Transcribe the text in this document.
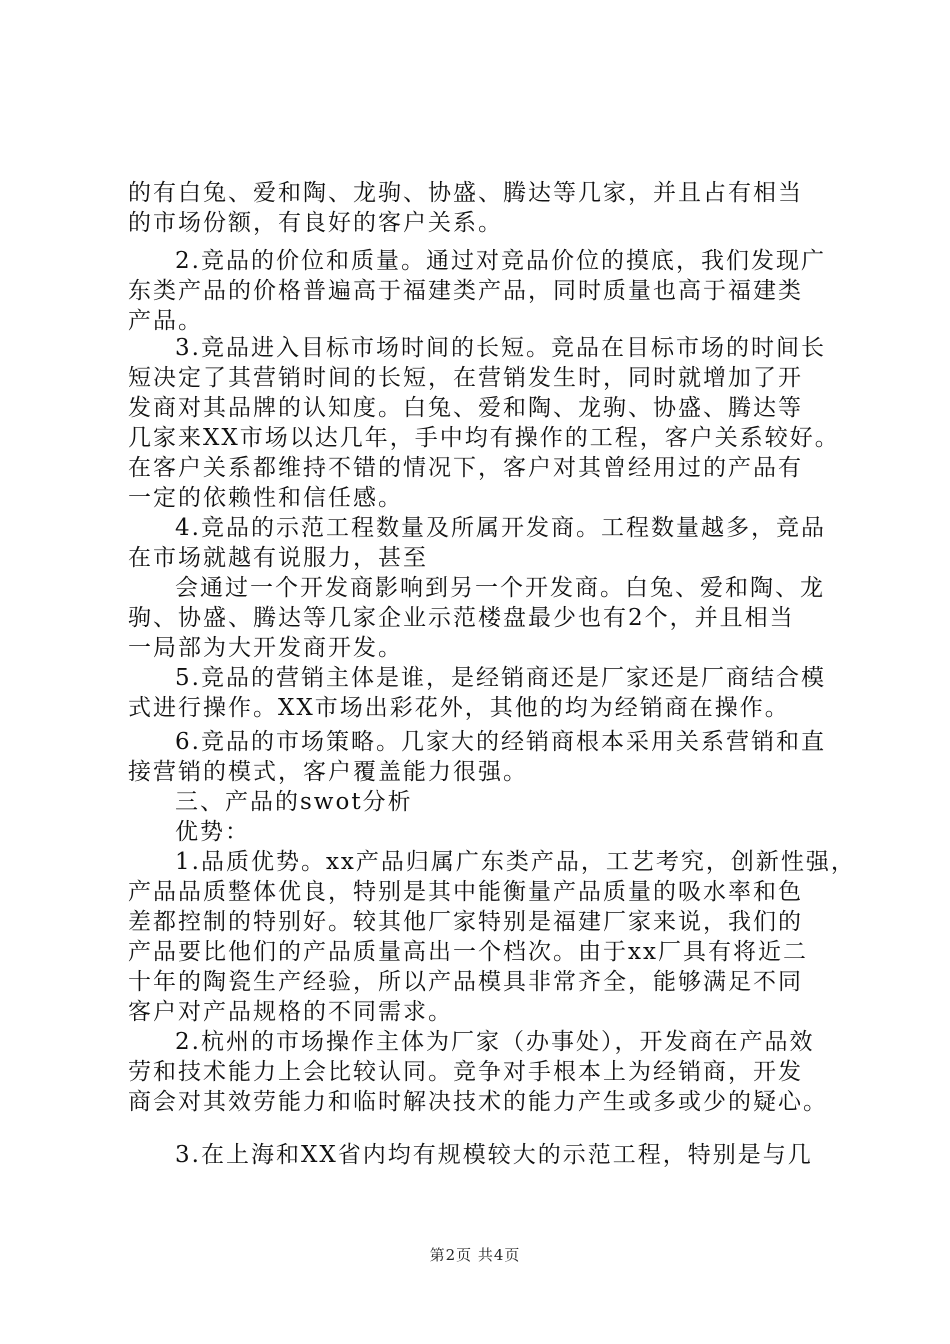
的有白兔、爱和陶、龙驹、协盛、腾达等几家，并且占有相当
的市场份额，有良好的客户关系。
2.竞品的价位和质量。通过对竞品价位的摸底，我们发现广
东类产品的价格普遍高于福建类产品，同时质量也高于福建类
产品。
3.竞品进入目标市场时间的长短。竞品在目标市场的时间长
短决定了其营销时间的长短，在营销发生时，同时就增加了开
发商对其品牌的认知度。白兔、爱和陶、龙驹、协盛、腾达等
几家来XX市场以达几年，手中均有操作的工程，客户关系较好。
在客户关系都维持不错的情况下，客户对其曾经用过的产品有
一定的依赖性和信任感。
4.竞品的示范工程数量及所属开发商。工程数量越多，竞品
在市场就越有说服力，甚至
会通过一个开发商影响到另一个开发商。白兔、爱和陶、龙
驹、协盛、腾达等几家企业示范楼盘最少也有2个，并且相当
一局部为大开发商开发。
5.竞品的营销主体是谁，是经销商还是厂家还是厂商结合模
式进行操作。XX市场出彩花外，其他的均为经销商在操作。
6.竞品的市场策略。几家大的经销商根本采用关系营销和直
接营销的模式，客户覆盖能力很强。
三、产品的swot分析
优势：
1.品质优势。xx产品归属广东类产品，工艺考究，创新性强，
产品品质整体优良，特别是其中能衡量产品质量的吸水率和色
差都控制的特别好。较其他厂家特别是福建厂家来说，我们的
产品要比他们的产品质量高出一个档次。由于xx厂具有将近二
十年的陶瓷生产经验，所以产品模具非常齐全，能够满足不同
客户对产品规格的不同需求。
2.杭州的市场操作主体为厂家（办事处），开发商在产品效
劳和技术能力上会比较认同。竞争对手根本上为经销商，开发
商会对其效劳能力和临时解决技术的能力产生或多或少的疑心。
3.在上海和XX省内均有规模较大的示范工程，特别是与几
第2页 共4页
